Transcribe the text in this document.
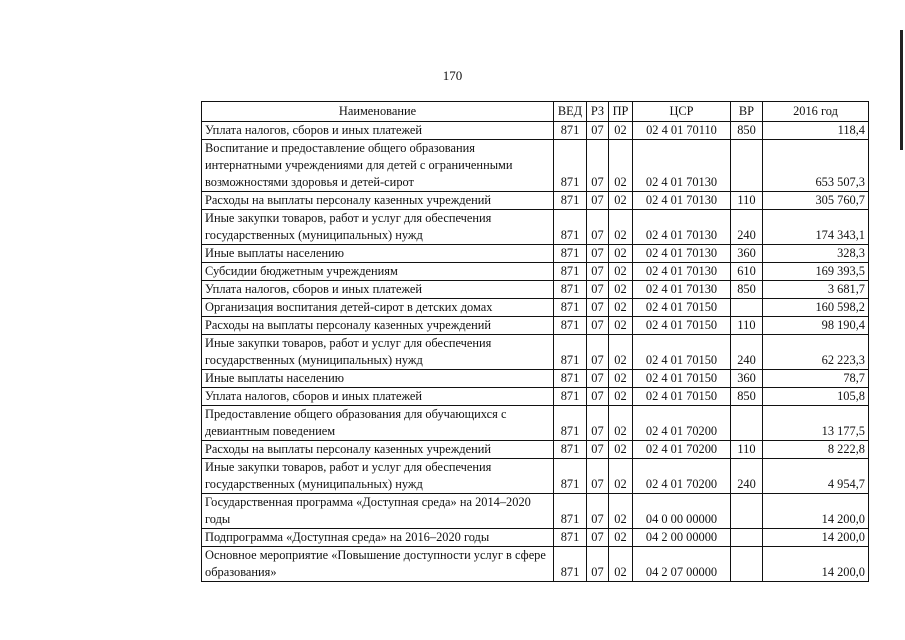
170
Наименование	ВЕД	РЗ	ПР	ЦСР	ВР	2016 год
Уплата налогов, сборов и иных платежей	871	07	02	02 4 01 70110	850	118,4
Воспитание и предоставление общего образования интернатными учреждениями для детей с ограниченными возможностями здоровья и детей-сирот	871	07	02	02 4 01 70130		653 507,3
Расходы на выплаты персоналу казенных учреждений	871	07	02	02 4 01 70130	110	305 760,7
Иные закупки товаров, работ и услуг для обеспечения государственных (муниципальных) нужд	871	07	02	02 4 01 70130	240	174 343,1
Иные выплаты населению	871	07	02	02 4 01 70130	360	328,3
Субсидии бюджетным учреждениям	871	07	02	02 4 01 70130	610	169 393,5
Уплата налогов, сборов и иных платежей	871	07	02	02 4 01 70130	850	3 681,7
Организация воспитания детей-сирот в детских домах	871	07	02	02 4 01 70150		160 598,2
Расходы на выплаты персоналу казенных учреждений	871	07	02	02 4 01 70150	110	98 190,4
Иные закупки товаров, работ и услуг для обеспечения государственных (муниципальных) нужд	871	07	02	02 4 01 70150	240	62 223,3
Иные выплаты населению	871	07	02	02 4 01 70150	360	78,7
Уплата налогов, сборов и иных платежей	871	07	02	02 4 01 70150	850	105,8
Предоставление общего образования для обучающихся с девиантным поведением	871	07	02	02 4 01 70200		13 177,5
Расходы на выплаты персоналу казенных учреждений	871	07	02	02 4 01 70200	110	8 222,8
Иные закупки товаров, работ и услуг для обеспечения государственных (муниципальных) нужд	871	07	02	02 4 01 70200	240	4 954,7
Государственная программа «Доступная среда» на 2014–2020 годы	871	07	02	04 0 00 00000		14 200,0
Подпрограмма «Доступная среда» на 2016–2020 годы	871	07	02	04 2 00 00000		14 200,0
Основное мероприятие «Повышение доступности услуг в сфере образования»	871	07	02	04 2 07 00000		14 200,0
